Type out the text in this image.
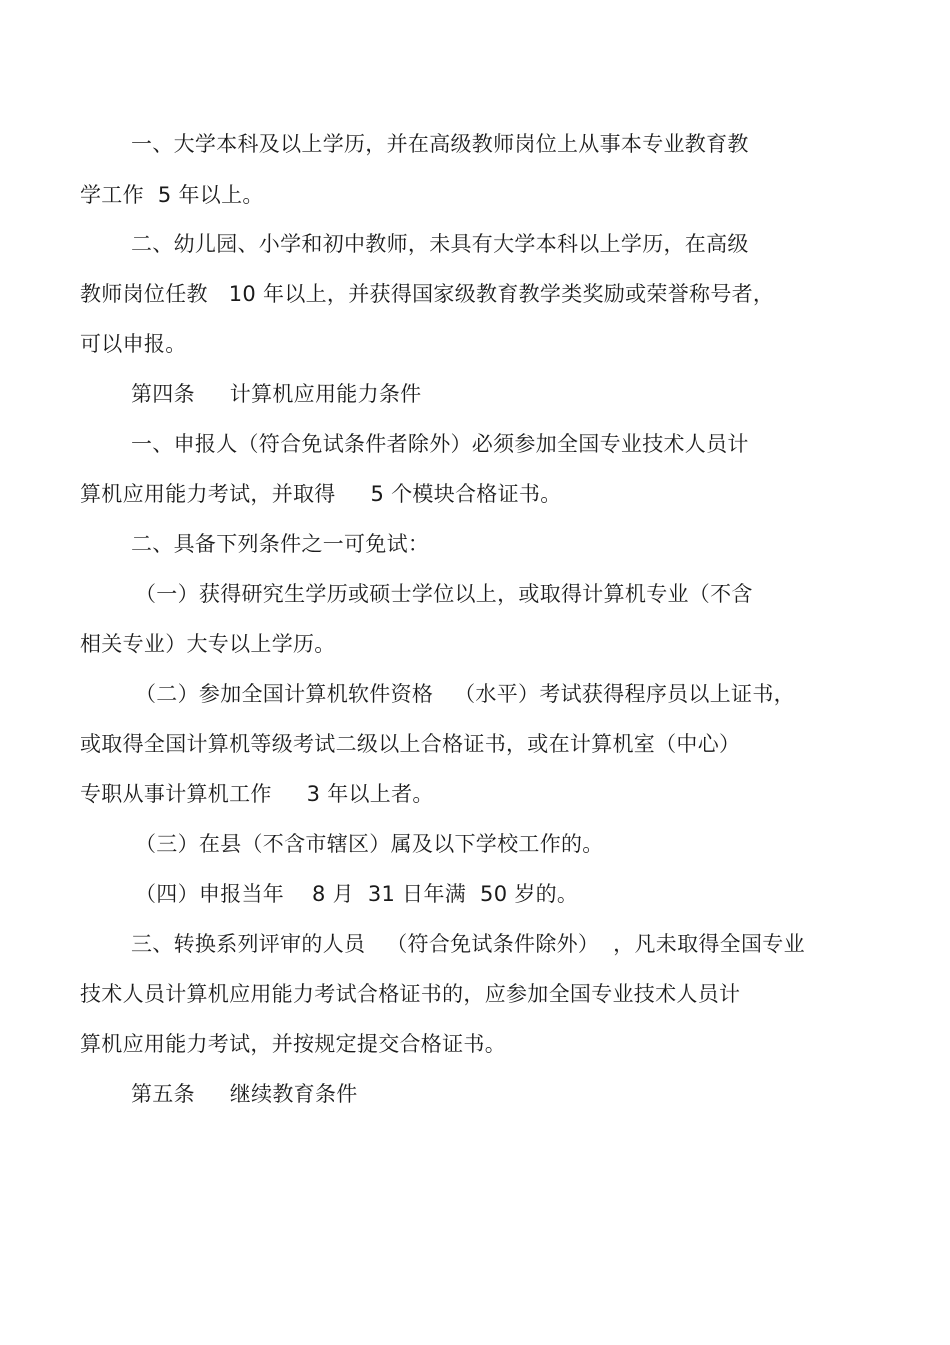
一、大学本科及以上学历，并在高级教师岗位上从事本专业教育教
学工作  5 年以上。
二、幼儿园、小学和初中教师，未具有大学本科以上学历，在高级
教师岗位任教   10 年以上，并获得国家级教育教学类奖励或荣誉称号者，
可以申报。
第四条     计算机应用能力条件
一、申报人（符合免试条件者除外）必须参加全国专业技术人员计
算机应用能力考试，并取得     5 个模块合格证书。
二、具备下列条件之一可免试：
（一）获得研究生学历或硕士学位以上，或取得计算机专业（不含
相关专业）大专以上学历。
（二）参加全国计算机软件资格   （水平）考试获得程序员以上证书，
或取得全国计算机等级考试二级以上合格证书，或在计算机室（中心）
专职从事计算机工作     3 年以上者。
（三）在县（不含市辖区）属及以下学校工作的。
（四）申报当年    8 月  31 日年满  50 岁的。
三、转换系列评审的人员   （符合免试条件除外）  ，凡未取得全国专业
技术人员计算机应用能力考试合格证书的，应参加全国专业技术人员计
算机应用能力考试，并按规定提交合格证书。
第五条     继续教育条件
